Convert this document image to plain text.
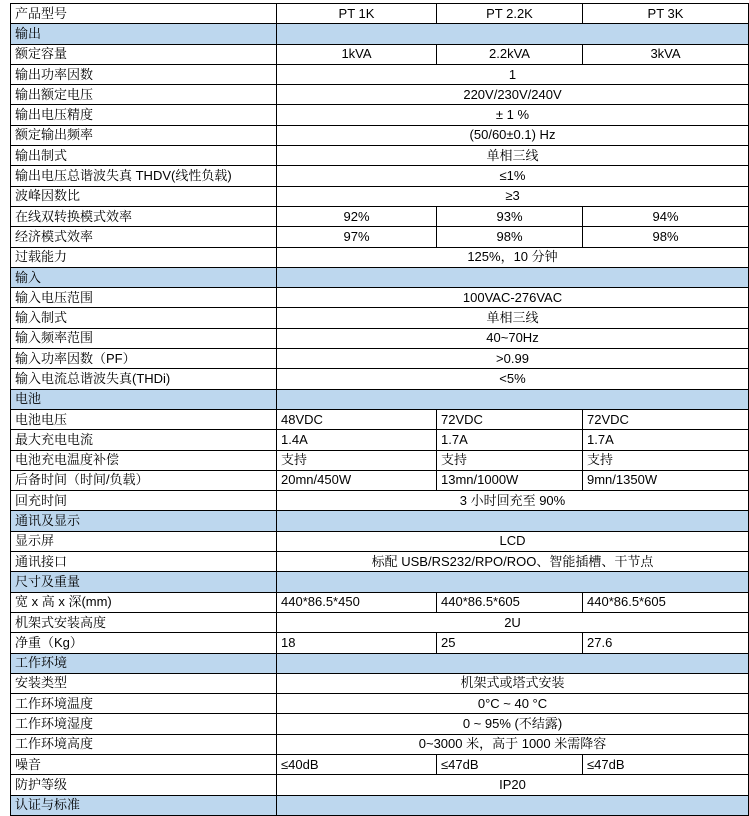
产品型号	PT 1K	PT 2.2K	PT 3K
输出			
额定容量	1kVA	2.2kVA	3kVA
输出功率因数	1		
输出额定电压	220V/230V/240V		
输出电压精度	± 1 %		
额定输出频率	(50/60±0.1) Hz		
输出制式	单相三线		
输出电压总谐波失真 THDV(线性负载)	≤1%		
波峰因数比	≥3		
在线双转换模式效率	92%	93%	94%
经济模式效率	97%	98%	98%
过载能力	125%，10 分钟		
输入			
输入电压范围	100VAC-276VAC		
输入制式	单相三线		
输入频率范围	40~70Hz		
输入功率因数（PF）	>0.99		
输入电流总谐波失真(THDi)	<5%		
电池			
电池电压	48VDC	72VDC	72VDC
最大充电电流	1.4A	1.7A	1.7A
电池充电温度补偿	支持	支持	支持
后备时间（时间/负载）	20mn/450W	13mn/1000W	9mn/1350W
回充时间	3 小时回充至 90%		
通讯及显示			
显示屏	LCD		
通讯接口	标配 USB/RS232/RPO/ROO、智能插槽、干节点		
尺寸及重量			
宽 x 高 x 深(mm)	440*86.5*450	440*86.5*605	440*86.5*605
机架式安装高度	2U		
净重（Kg）	18	25	27.6
工作环境			
安装类型	机架式或塔式安装		
工作环境温度	0°C ~ 40 °C		
工作环境湿度	0 ~ 95% (不结露)		
工作环境高度	0~3000 米，高于 1000 米需降容		
噪音	≤40dB	≤47dB	≤47dB
防护等级	IP20		
认证与标准			
